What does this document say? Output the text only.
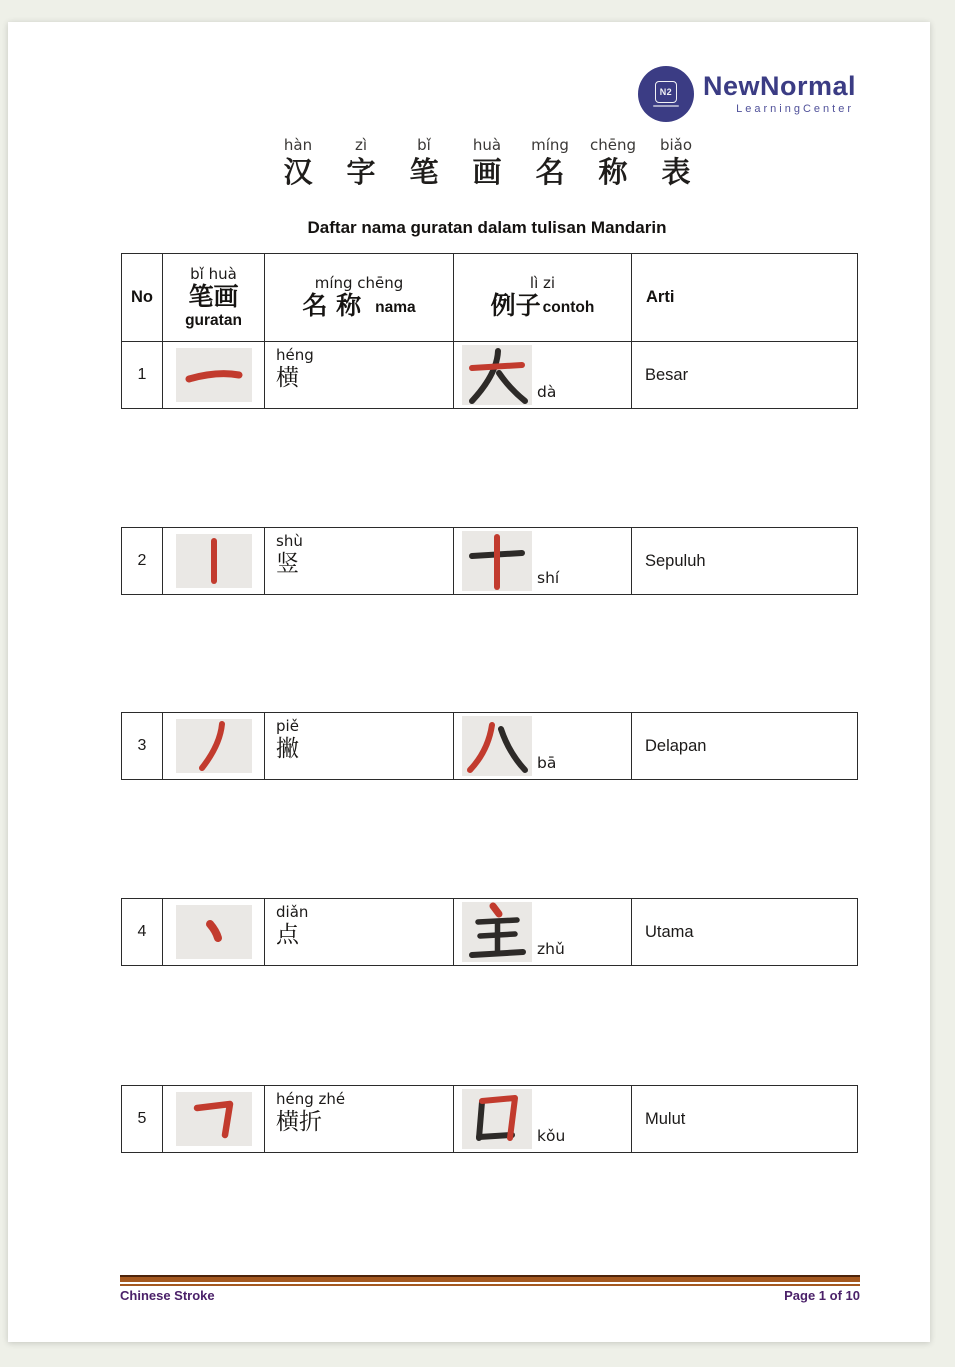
N2 NewNormal
LearningCenter
hàn
汉
zì
字
bǐ
笔
huà
画
míng
名
chēng
称
biǎo
表
Daftar nama guratan dalam tulisan Mandarin
No
bǐ huà
笔画
guratan
míng chēng
名 称 nama
lì zi
例子 contoh
Arti
1
héng
横
dà
Besar
2
shù
竖
shí
Sepuluh
3
piě
撇
bā
Delapan
4
diǎn
点
zhǔ
Utama
5
héng zhé
横折
kǒu
Mulut
Chinese Stroke	Page 1 of 10
